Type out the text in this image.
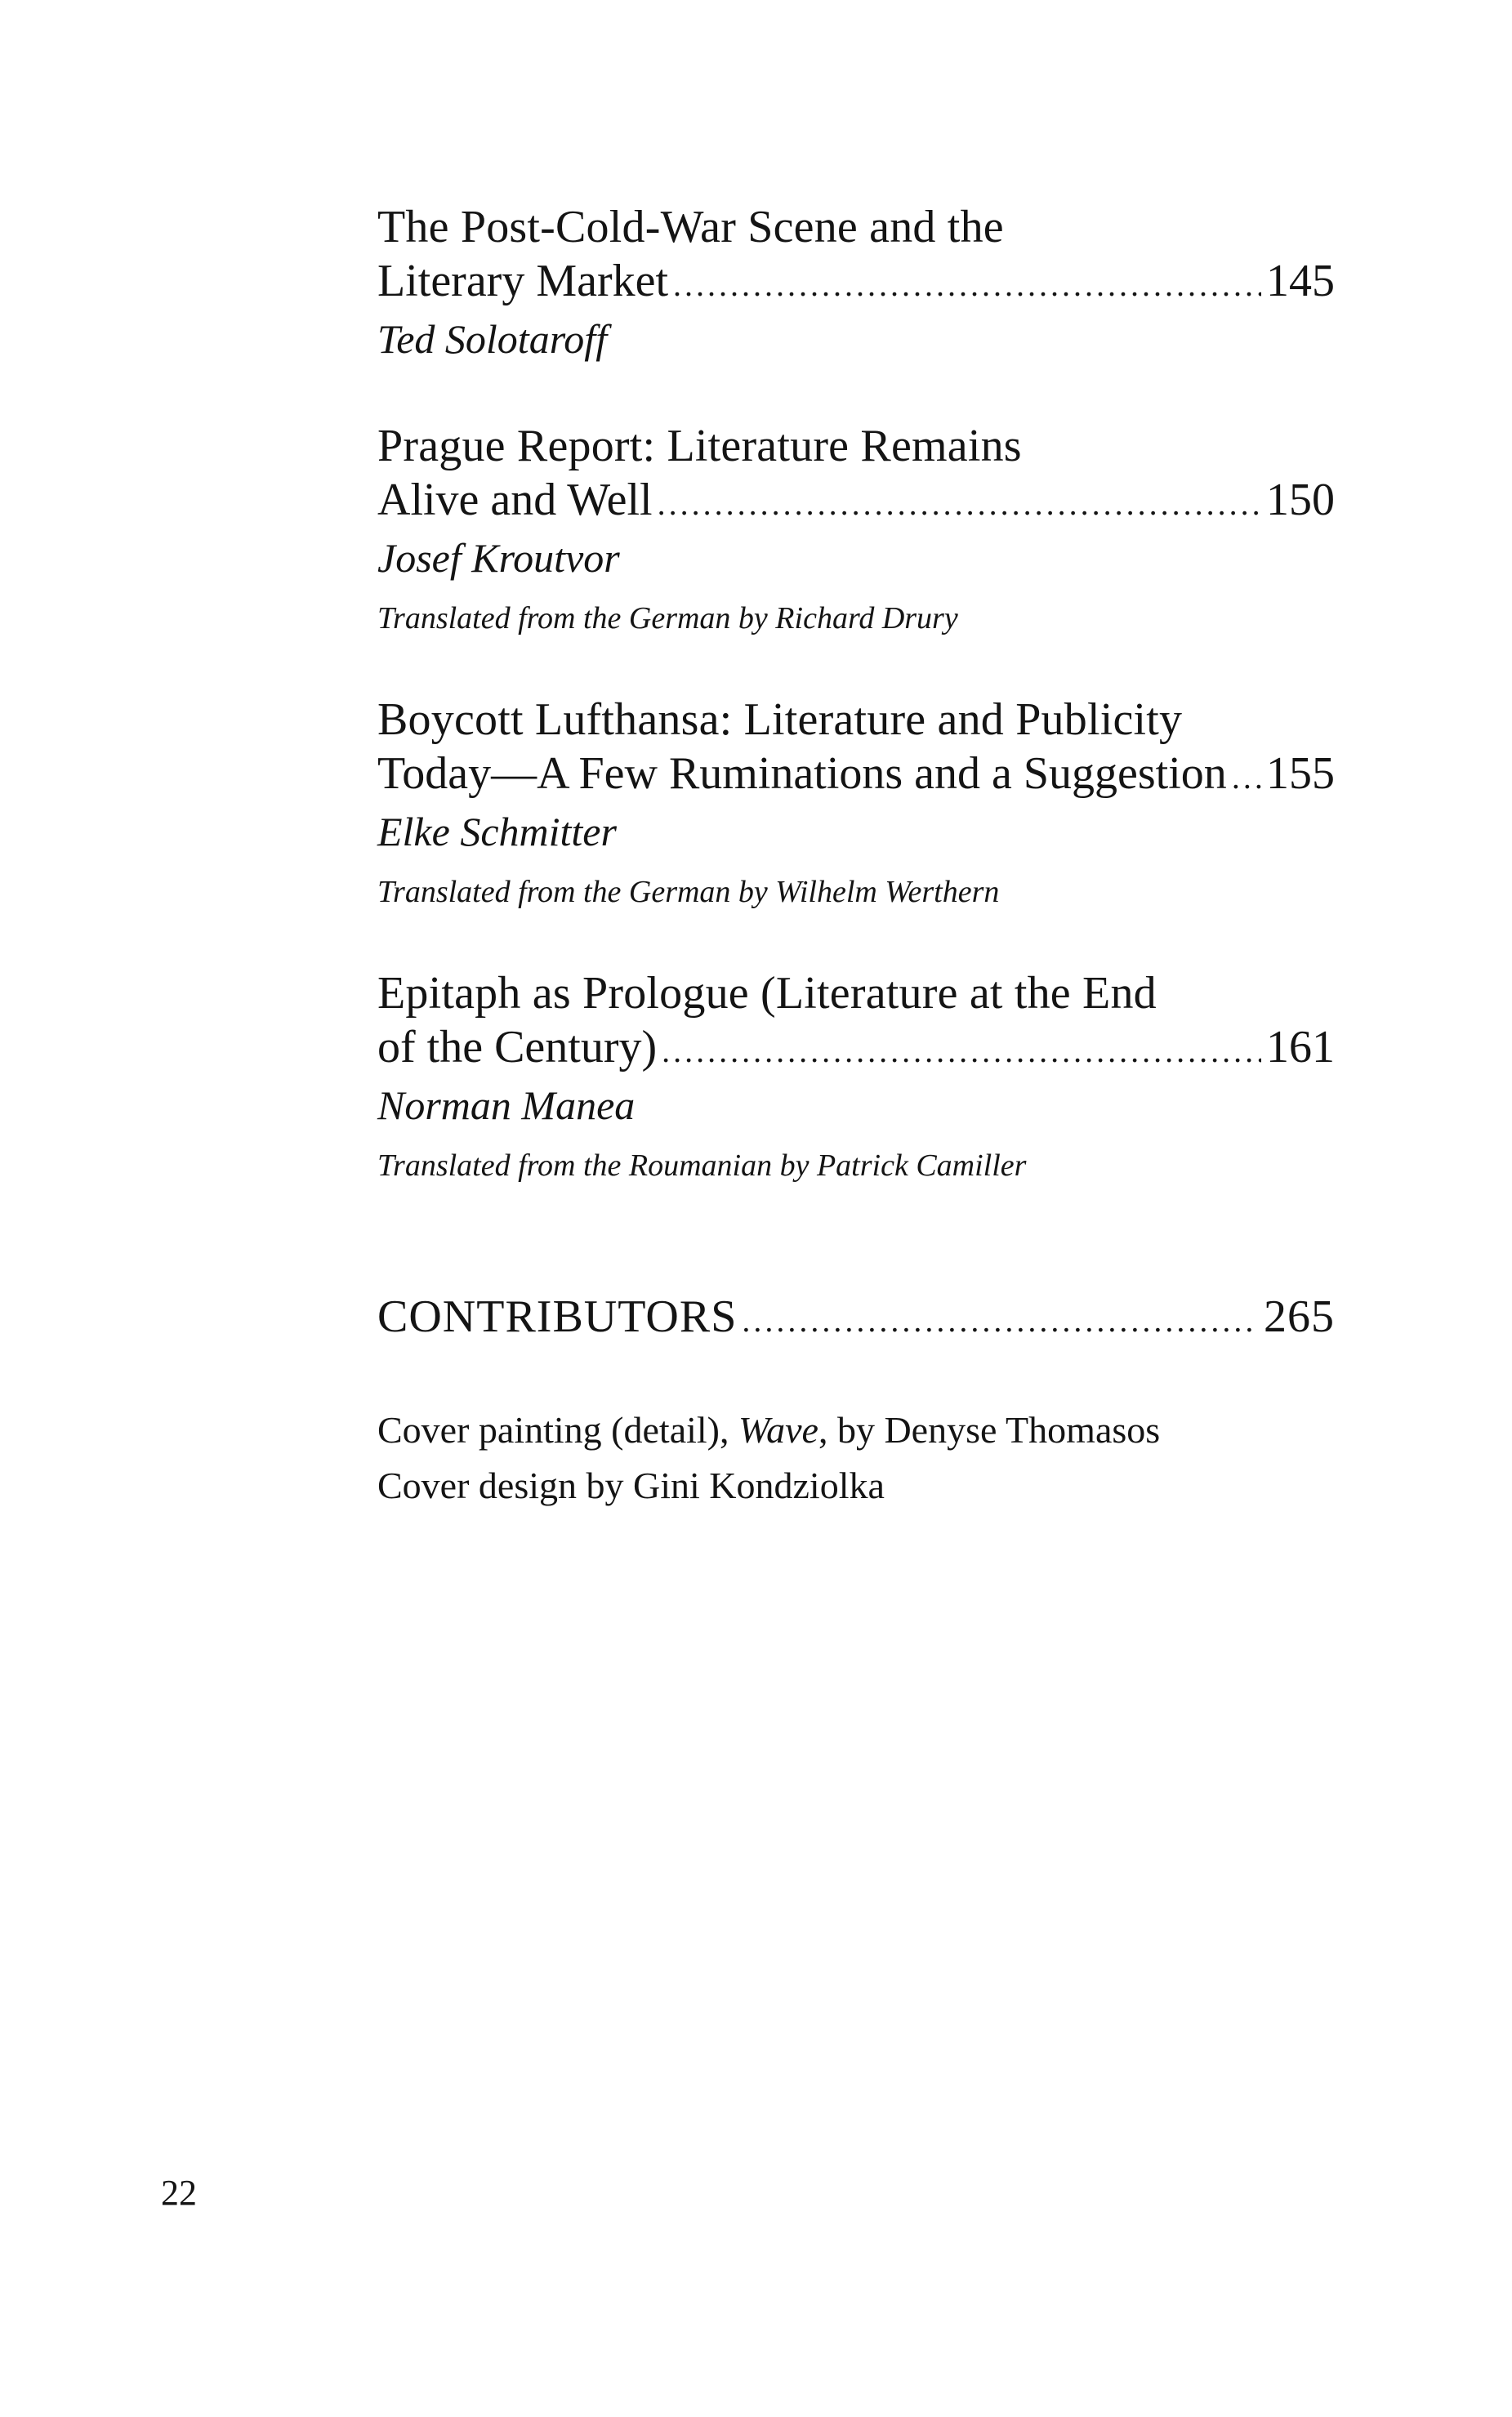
The Post-Cold-War Scene and the
Literary Market .....	145
Ted Solotaroff
Prague Report: Literature Remains
Alive and Well .....	150
Josef Kroutvor
Translated from the German by Richard Drury
Boycott Lufthansa: Literature and Publicity
Today—A Few Ruminations and a Suggestion ..... 155
Elke Schmitter
Translated from the German by Wilhelm Werthern
Epitaph as Prologue (Literature at the End
of the Century) .....	161
Norman Manea
Translated from the Roumanian by Patrick Camiller
CONTRIBUTORS .....	265
Cover painting (detail), Wave, by Denyse Thomasos
Cover design by Gini Kondziolka
22
